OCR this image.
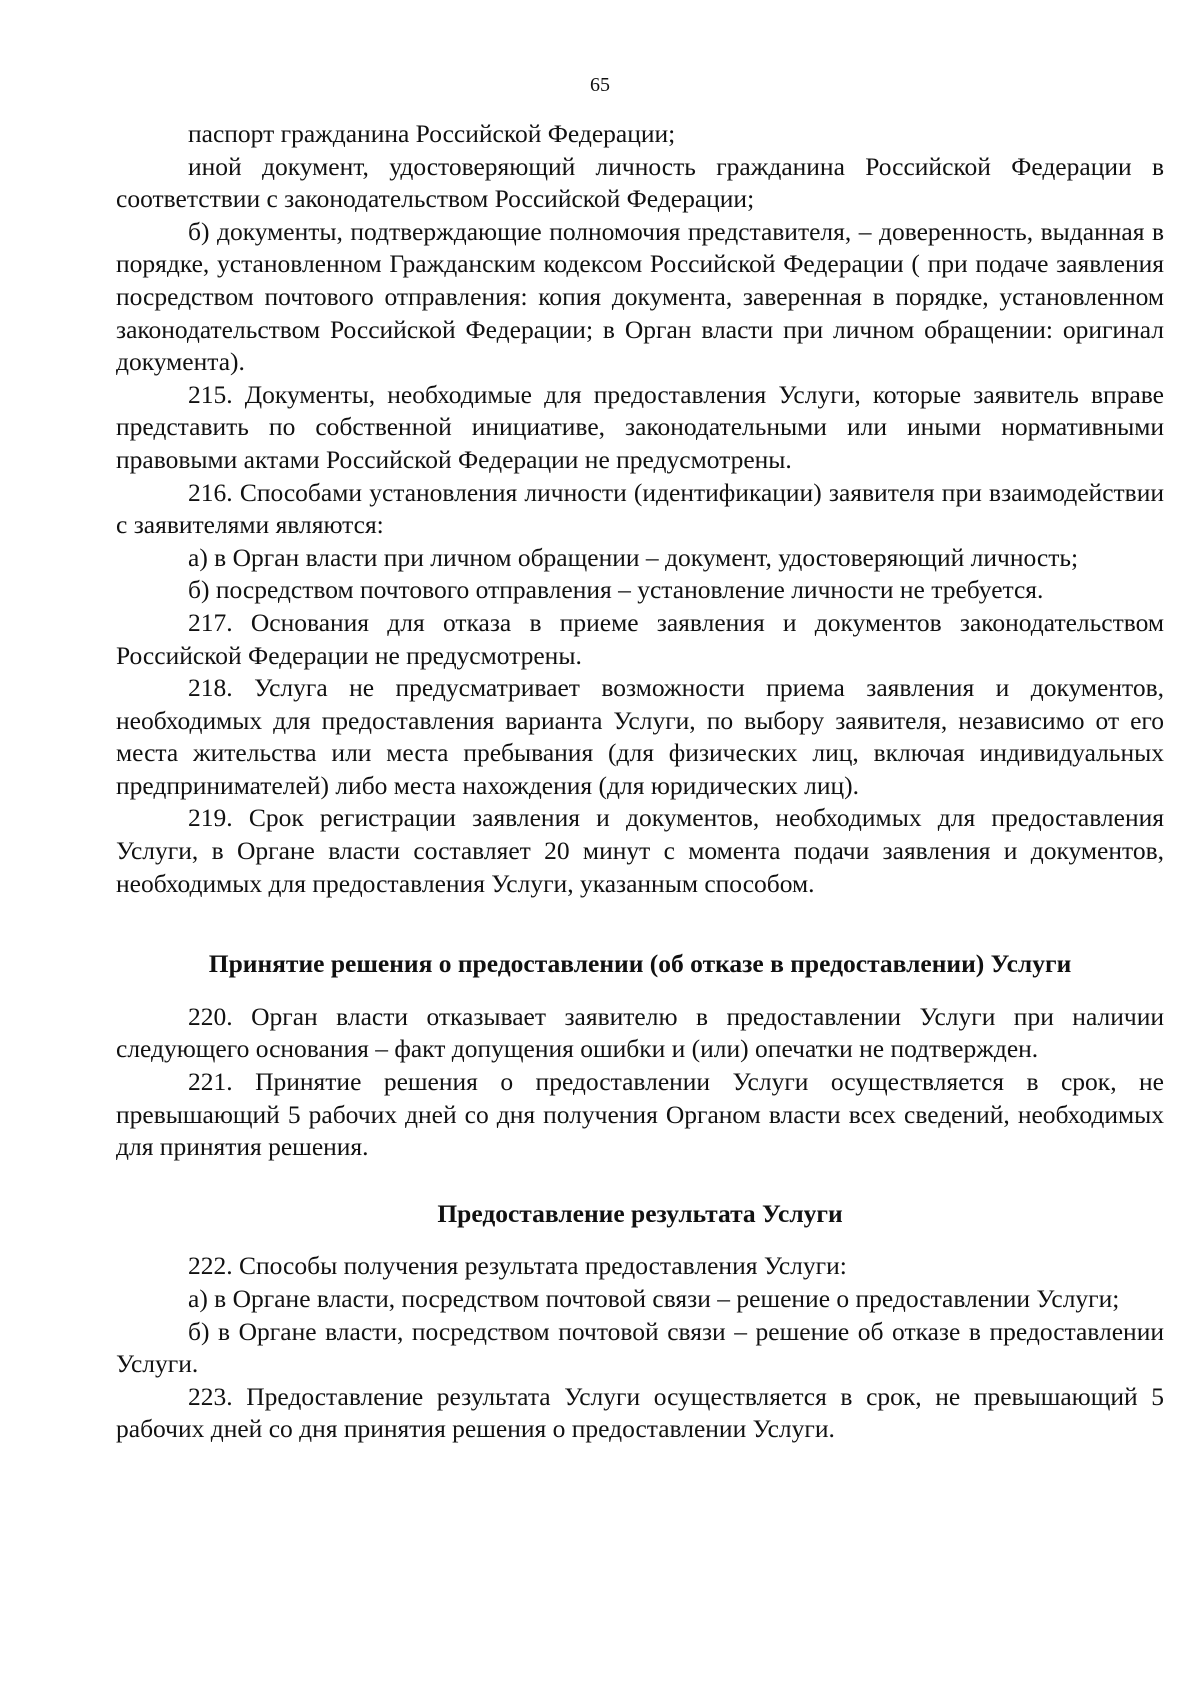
65

паспорт гражданина Российской Федерации;

иной документ, удостоверяющий личность гражданина Российской Федерации в соответствии с законодательством Российской Федерации;

б) документы, подтверждающие полномочия представителя, – доверенность, выданная в порядке, установленном Гражданским кодексом Российской Федерации ( при подаче заявления посредством почтового отправления: копия документа, заверенная в порядке, установленном законодательством Российской Федерации; в Орган власти при личном обращении: оригинал документа).

215. Документы, необходимые для предоставления Услуги, которые заявитель вправе представить по собственной инициативе, законодательными или иными нормативными правовыми актами Российской Федерации не предусмотрены.

216. Способами установления личности (идентификации) заявителя при взаимодействии с заявителями являются:

а) в Орган власти при личном обращении – документ, удостоверяющий личность;

б) посредством почтового отправления – установление личности не требуется.

217. Основания для отказа в приеме заявления и документов законодательством Российской Федерации не предусмотрены.

218. Услуга не предусматривает возможности приема заявления и документов, необходимых для предоставления варианта Услуги, по выбору заявителя, независимо от его места жительства или места пребывания (для физических лиц, включая индивидуальных предпринимателей) либо места нахождения (для юридических лиц).

219. Срок регистрации заявления и документов, необходимых для предоставления Услуги, в Органе власти составляет 20 минут с момента подачи заявления и документов, необходимых для предоставления Услуги, указанным способом.

Принятие решения о предоставлении (об отказе в предоставлении) Услуги

220. Орган власти отказывает заявителю в предоставлении Услуги при наличии следующего основания – факт допущения ошибки и (или) опечатки не подтвержден.

221. Принятие решения о предоставлении Услуги осуществляется в срок, не превышающий 5 рабочих дней со дня получения Органом власти всех сведений, необходимых для принятия решения.

Предоставление результата Услуги

222. Способы получения результата предоставления Услуги:

а) в Органе власти, посредством почтовой связи – решение о предоставлении Услуги;

б) в Органе власти, посредством почтовой связи – решение об отказе в предоставлении Услуги.

223. Предоставление результата Услуги осуществляется в срок, не превышающий 5 рабочих дней со дня принятия решения о предоставлении Услуги.
